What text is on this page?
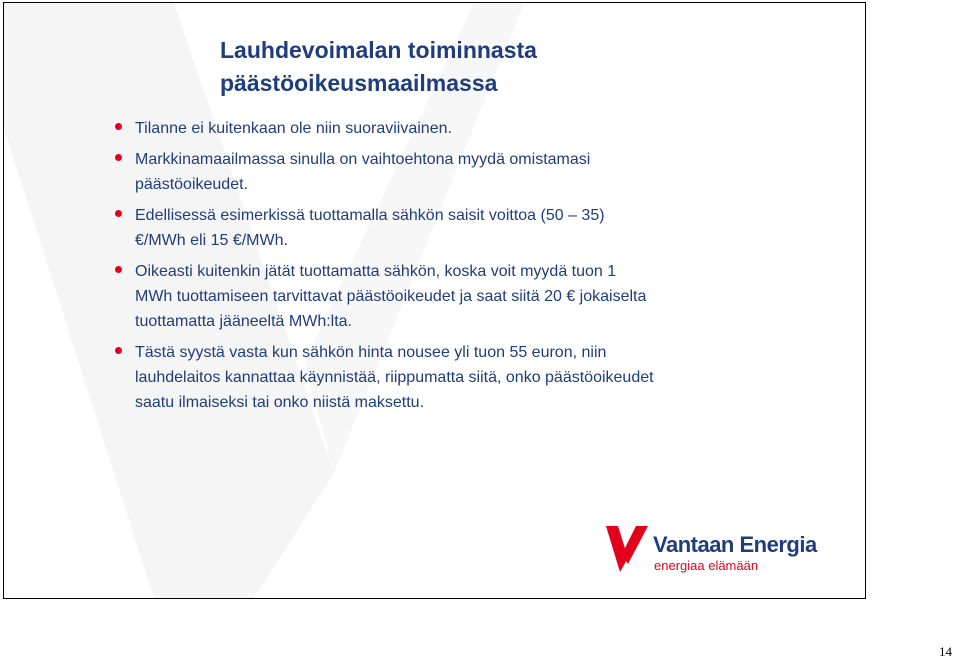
Lauhdevoimalan toiminnasta
päästöoikeusmaailmassa
Tilanne ei kuitenkaan ole niin suoraviivainen.
Markkinamaailmassa sinulla on vaihtoehtona myydä omistamasi
päästöoikeudet.
Edellisessä esimerkissä tuottamalla sähkön saisit voittoa (50 – 35)
€/MWh eli 15 €/MWh.
Oikeasti kuitenkin jätät tuottamatta sähkön, koska voit myydä tuon 1
MWh tuottamiseen tarvittavat päästöoikeudet ja saat siitä 20 € jokaiselta
tuottamatta jääneeltä MWh:lta.
Tästä syystä vasta kun sähkön hinta nousee yli tuon 55 euron, niin
lauhdelaitos kannattaa käynnistää, riippumatta siitä, onko päästöoikeudet
saatu ilmaiseksi tai onko niistä maksettu.
Vantaan Energia
energiaa elämään
14
